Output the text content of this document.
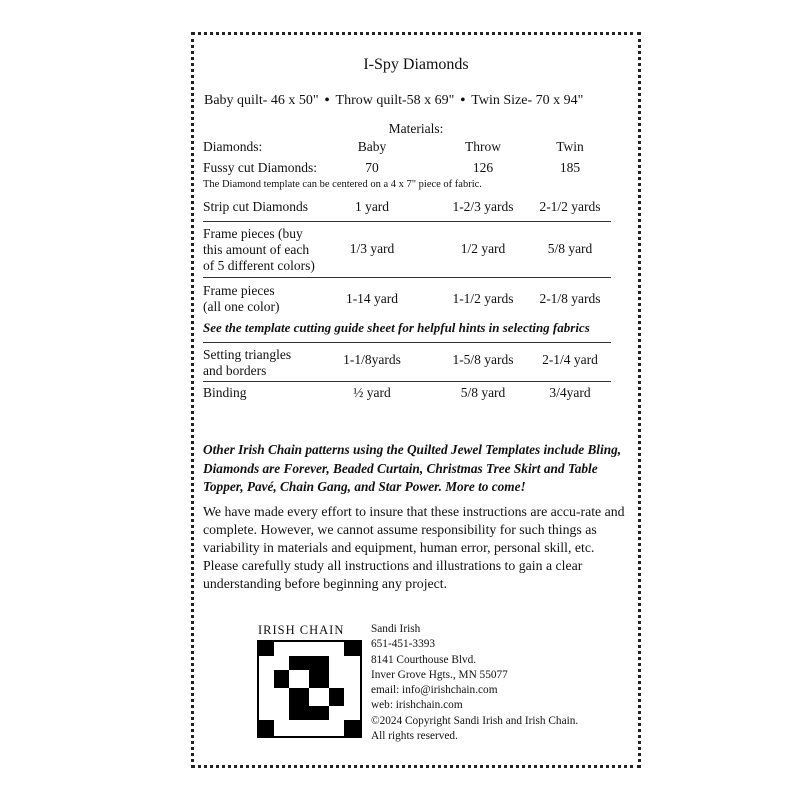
I-Spy Diamonds
Baby quilt- 46 x 50" • Throw quilt-58 x 69" • Twin Size- 70 x 94"
Materials:
Diamonds:	Baby	Throw	Twin
Fussy cut Diamonds:	70	126	185
The Diamond template can be centered on a 4 x 7" piece of fabric.
Strip cut Diamonds	1 yard	1-2/3 yards	2-1/2 yards
Frame pieces (buy
this amount of each
of 5 different colors)
1/3 yard	1/2 yard	5/8 yard
Frame pieces
(all one color)
1-14 yard	1-1/2 yards	2-1/8 yards
See the template cutting guide sheet for helpful hints in selecting fabrics
Setting triangles
and borders
1-1/8yards	1-5/8 yards	2-1/4 yard
Binding	½ yard	5/8 yard	3/4yard
Other Irish Chain patterns using the Quilted Jewel Templates include Bling, Diamonds are Forever, Beaded Curtain, Christmas Tree Skirt and Table Topper, Pavé, Chain Gang, and Star Power. More to come!
We have made every effort to insure that these instructions are accu-rate and complete. However, we cannot assume responsibility for such things as variability in materials and equipment, human error, personal skill, etc. Please carefully study all instructions and illustrations to gain a clear understanding before beginning any project.
IRISH CHAIN Sandi Irish
651-451-3393
8141 Courthouse Blvd.
Inver Grove Hgts., MN 55077
email: info@irishchain.com
web: irishchain.com
©2024 Copyright Sandi Irish and Irish Chain.
All rights reserved.
